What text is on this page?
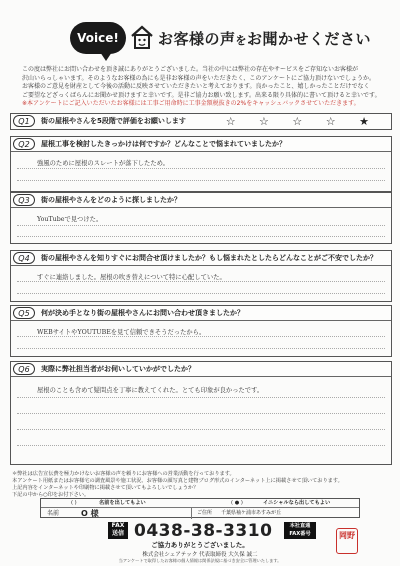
Voice!	お客様の声をお聞かせください
この度は弊社にお問い合わせを頂き誠にありがとうございました。当社の中には弊社の存在やサービスをご存知ないお客様が
沢山いらっしゃいます。そのようなお客様の為にも是非お客様の声をいただきたく、このアンケートにご協力頂けないでしょうか。
お客様のご意見を財産として今後の活動に反映させていただきたいと考えております。良かったこと、嬉しかったことだけでなく
ご要望などざっくばらんにお聞かせ頂けますと幸いです。是非ご協力お願い致します。出来る限り具体的に書いて頂けると幸いです。
※本アンケートにご記入いただいたお客様には工事ご用命時に工事金額税抜きの2%をキャッシュバックさせていただきます。
Q1	街の屋根やさんを5段階で評価をお願いします	☆ ☆ ☆ ☆ ★
Q2	屋根工事を検討したきっかけは何ですか？どんなことで悩まれていましたか？
強風のために屋根のスレートが落下したため。
Q3	街の屋根やさんをどのように探しましたか？
YouTubeで見つけた。
Q4	街の屋根やさんを知りすぐにお問合せ頂けましたか？もし悩まれたとしたらどんなことがご不安でしたか？
すぐに連絡しました。屋根の吹き替えについて特に心配していた。
Q5	何が決め手となり街の屋根やさんにお問い合わせ頂きましたか？
WEBサイトやYOUTUBEを見て信頼できそうだったから。
Q6	実際に弊社担当者がお伺いしていかがでしたか？
屋根のことも含めて疑問点を丁寧に教えてくれた。とても印象が良かったです。
＊弊社は広告宣伝費を極力かけないお客様の声を頼りにお客様への営業活動を行っております。
本アンケート用紙またはお客様宅の調査風景や施工状況、お客様の顔写真と建物ブログ形式のインターネット上に掲載させて頂いております。
上記内容をインターネットや印刷物に掲載させて頂いてもよろしいでしょうか？
下記の中から○印をお付下さい。
( )	名前を出してもよい	( ● )	イニシャルなら出してもよい
名前	O 様	ご住所 千葉県袖ケ浦市あすみが丘
FAX 送信 0438-38-3310	本社直通 FAX番号
ご協力ありがとうございました。
株式会社シェアテック 代表取締役 大久保 誠二
当アンケートで取得したお客様の個人情報は関係法規に基づき安全に管理いたします。
岡野
